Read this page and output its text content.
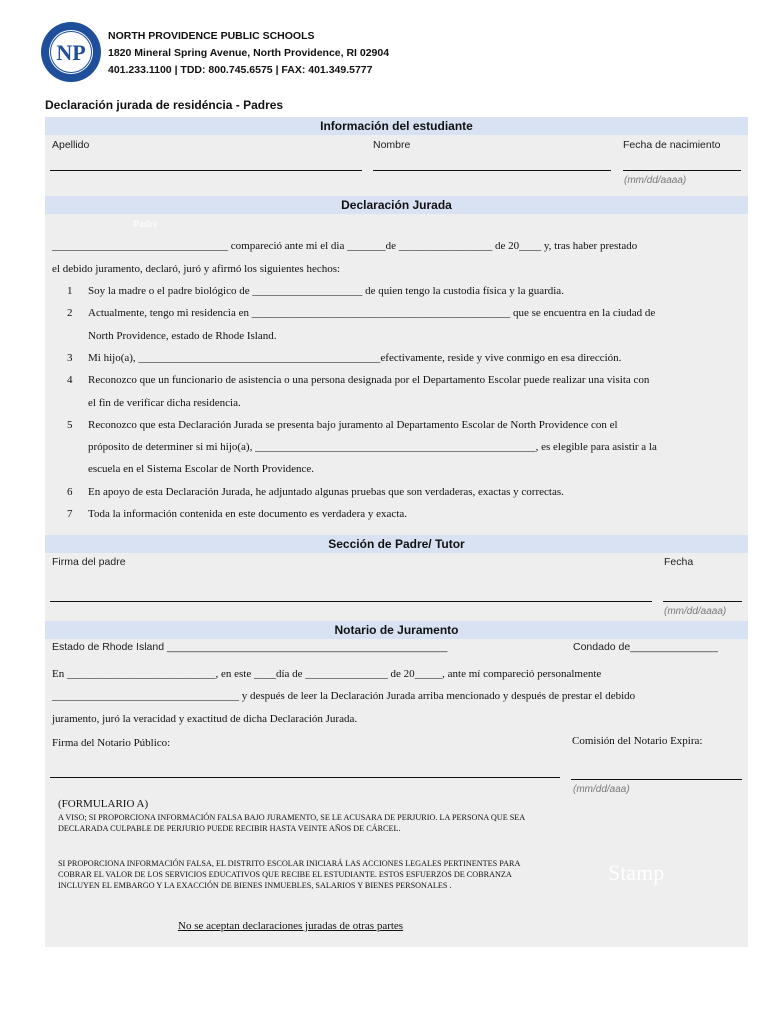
NP
NORTH PROVIDENCE PUBLIC SCHOOLS
1820 Mineral Spring Avenue, North Providence, RI 02904
401.233.1100 | TDD: 800.745.6575 | FAX: 401.349.5777
Declaración jurada de residéncia - Padres
Información del estudiante
Apellido	Nombre	Fecha de nacimiento
(mm/dd/aaaa)
Declaración Jurada
Padre
________________________________ compareció ante mi el dia _______de _________________ de 20____ y, tras haber prestado
el debido juramento, declaró, juró y afirmó los siguientes hechos:
1 Soy la madre o el padre biológico de ____________________ de quien tengo la custodia física y la guardia.
2 Actualmente, tengo mi residencia en _______________________________________________ que se encuentra en la ciudad de
North Providence, estado de Rhode Island.
3 Mi hijo(a), ____________________________________________efectivamente, reside y vive conmigo en esa dirección.
4 Reconozco que un funcionario de asistencia o una persona designada por el Departamento Escolar puede realizar una visita con
el fin de verificar dicha residencia.
5 Reconozco que esta Declaración Jurada se presenta bajo juramento al Departamento Escolar de North Providence con el
próposito de determiner si mi hijo(a), ___________________________________________________, es elegible para asistir a la
escuela en el Sistema Escolar de North Providence.
6 En apoyo de esta Declaración Jurada, he adjuntado algunas pruebas que son verdaderas, exactas y correctas.
7 Toda la información contenida en este documento es verdadera y exacta.
Sección de Padre/ Tutor
Firma del padre	Fecha
(mm/dd/aaaa)
Notario de Juramento
Estado de Rhode Island ________________________________________________	Condado de_______________
En ___________________________, en este ____día de _______________ de 20_____, ante mí compareció personalmente
__________________________________ y después de leer la Declaración Jurada arriba mencionado y después de prestar el debido
juramento, juró la veracidad y exactitud de dicha Declaración Jurada.
Firma del Notario Público:	Comisión del Notario Expira:
(mm/dd/aaa)
(FORMULARIO A)
A VISO; SI PROPORCIONA INFORMACIÓN FALSA BAJO JURAMENTO, SE LE ACUSARA DE PERJURIO. LA PERSONA QUE SEA DECLARADA CULPABLE DE PERJURIO PUEDE RECIBIR HASTA VEINTE AÑOS DE CÁRCEL.
SI PROPORCIONA INFORMACIÓN FALSA, EL DISTRITO ESCOLAR INICIARÁ LAS ACCIONES LEGALES PERTINENTES PARA COBRAR EL VALOR DE LOS SERVICIOS EDUCATIVOS QUE RECIBE EL ESTUDIANTE. ESTOS ESFUERZOS DE COBRANZA INCLUYEN EL EMBARGO Y LA EXACCIÓN DE BIENES INMUEBLES, SALARIOS Y BIENES PERSONALES .
Stamp
No se aceptan declaraciones juradas de otras partes
